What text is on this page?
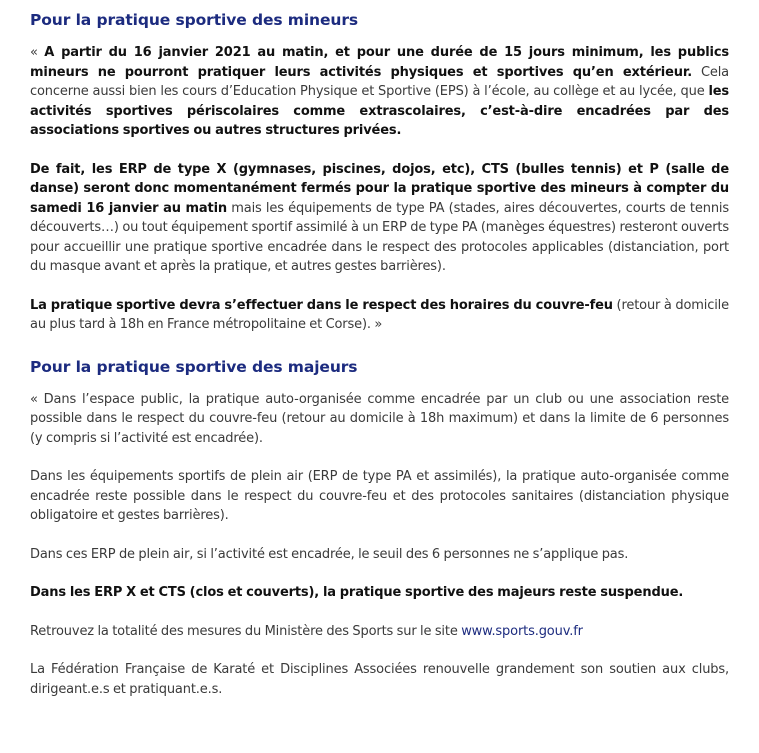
Pour la pratique sportive des mineurs

« A partir du 16 janvier 2021 au matin, et pour une durée de 15 jours minimum, les publics mineurs ne pourront pratiquer leurs activités physiques et sportives qu’en extérieur. Cela concerne aussi bien les cours d’Education Physique et Sportive (EPS) à l’école, au collège et au lycée, que les activités sportives périscolaires comme extrascolaires, c’est-à-dire encadrées par des associations sportives ou autres structures privées.

De fait, les ERP de type X (gymnases, piscines, dojos, etc), CTS (bulles tennis) et P (salle de danse) seront donc momentanément fermés pour la pratique sportive des mineurs à compter du samedi 16 janvier au matin mais les équipements de type PA (stades, aires découvertes, courts de tennis découverts…) ou tout équipement sportif assimilé à un ERP de type PA (manèges équestres) resteront ouverts pour accueillir une pratique sportive encadrée dans le respect des protocoles applicables (distanciation, port du masque avant et après la pratique, et autres gestes barrières).

La pratique sportive devra s’effectuer dans le respect des horaires du couvre-feu (retour à domicile au plus tard à 18h en France métropolitaine et Corse). »

Pour la pratique sportive des majeurs

« Dans l’espace public, la pratique auto-organisée comme encadrée par un club ou une association reste possible dans le respect du couvre-feu (retour au domicile à 18h maximum) et dans la limite de 6 personnes (y compris si l’activité est encadrée).

Dans les équipements sportifs de plein air (ERP de type PA et assimilés), la pratique auto-organisée comme encadrée reste possible dans le respect du couvre-feu et des protocoles sanitaires (distanciation physique obligatoire et gestes barrières).

Dans ces ERP de plein air, si l’activité est encadrée, le seuil des 6 personnes ne s’applique pas.

Dans les ERP X et CTS (clos et couverts), la pratique sportive des majeurs reste suspendue.

Retrouvez la totalité des mesures du Ministère des Sports sur le site www.sports.gouv.fr

La Fédération Française de Karaté et Disciplines Associées renouvelle grandement son soutien aux clubs, dirigeant.e.s et pratiquant.e.s.
